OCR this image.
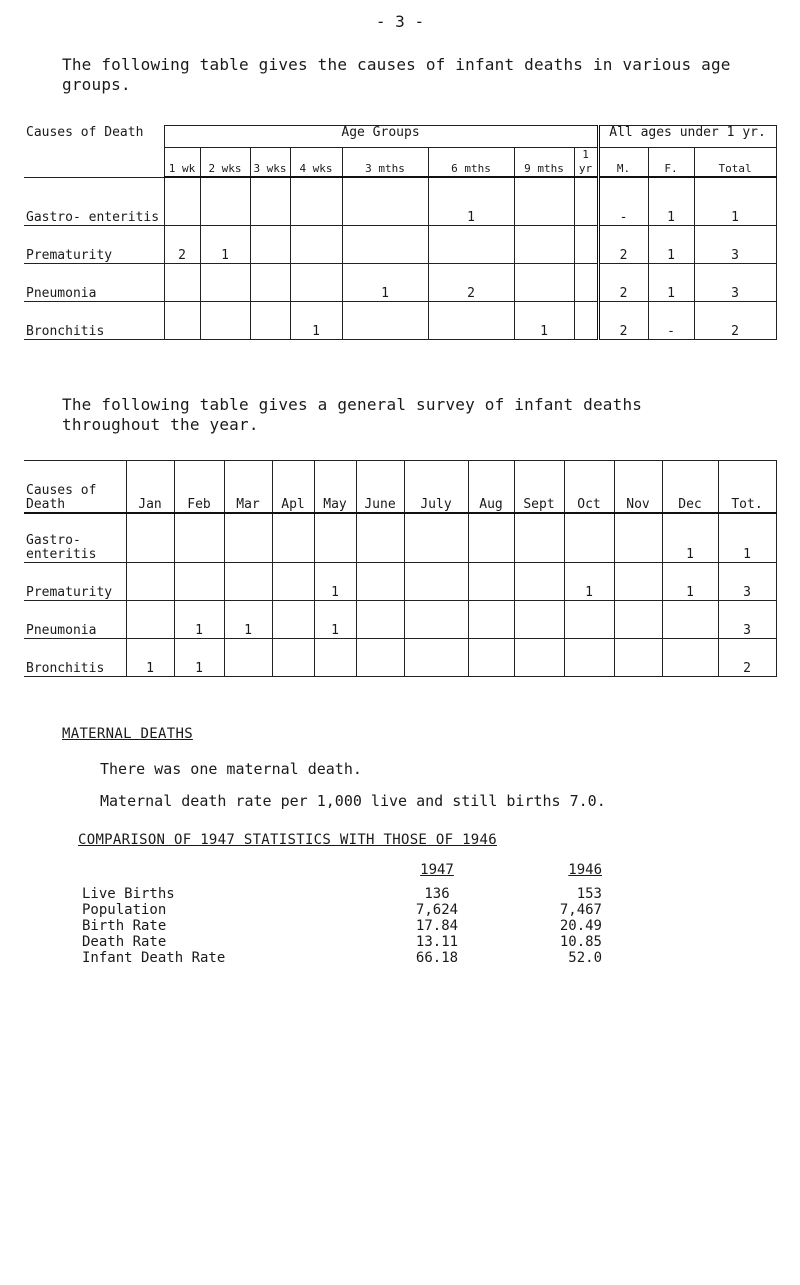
- 3 -
The following table gives the causes of infant deaths in various age groups.
Causes of Death	Age Groups								All ages under 1 yr.		
	1 wk	2 wks	3 wks	4 wks	3 mths	6 mths	9 mths	1 yr	M.	F.	Total
Gastro- enteritis						1			-	1	1
Prematurity	2	1							2	1	3
Pneumonia					1	2			2	1	3
Bronchitis				1			1		2	-	2
The following table gives a general survey of infant deaths throughout the year.
Causes of Death	Jan	Feb	Mar	Apl	May	June	July	Aug	Sept	Oct	Nov	Dec	Tot.
Gastro- enteritis												1	1
Prematurity					1					1		1	3
Pneumonia		1	1		1								3
Bronchitis	1	1											2
MATERNAL DEATHS
There was one maternal death.
Maternal death rate per 1,000 live and still births 7.0.
COMPARISON OF 1947 STATISTICS WITH THOSE OF 1946
	1947	1946
Live Births	136	153
Population	7,624	7,467
Birth Rate	17.84	20.49
Death Rate	13.11	10.85
Infant Death Rate	66.18	52.0
